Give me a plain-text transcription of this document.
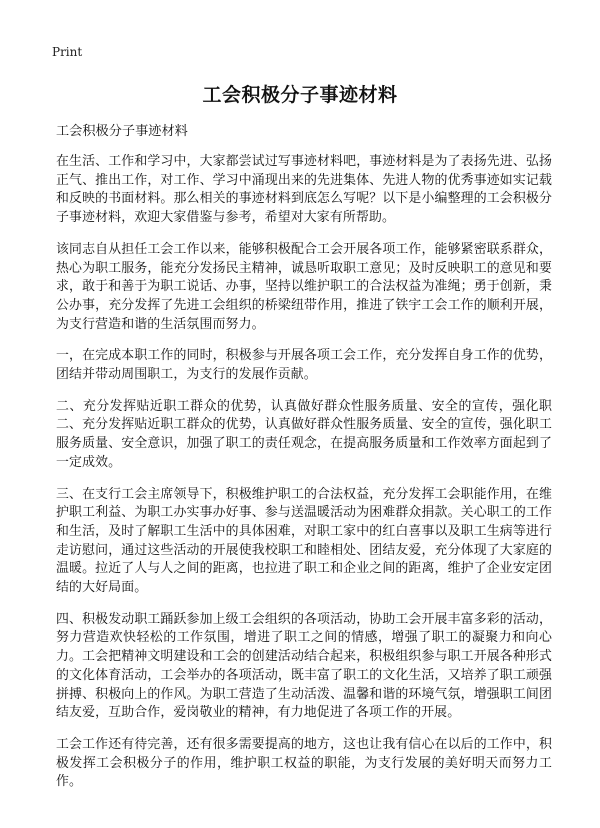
Print
工会积极分子事迹材料

工会积极分子事迹材料

在生活、工作和学习中，大家都尝试过写事迹材料吧，事迹材料是为了表扬先进、弘扬正气、推出工作，对工作、学习中涌现出来的先进集体、先进人物的优秀事迹如实记载和反映的书面材料。那么相关的事迹材料到底怎么写呢？以下是小编整理的工会积极分子事迹材料，欢迎大家借鉴与参考，希望对大家有所帮助。

该同志自从担任工会工作以来，能够积极配合工会开展各项工作，能够紧密联系群众，热心为职工服务，能充分发扬民主精神，诚恳听取职工意见；及时反映职工的意见和要求，敢于和善于为职工说话、办事，坚持以维护职工的合法权益为准绳；勇于创新，秉公办事，充分发挥了先进工会组织的桥梁纽带作用，推进了铁宇工会工作的顺利开展，为支行营造和谐的生活氛围而努力。

一，在完成本职工作的同时，积极参与开展各项工会工作，充分发挥自身工作的优势，团结并带动周围职工，为支行的发展作贡献。

二、充分发挥贴近职工群众的优势，认真做好群众性服务质量、安全的宣传，强化职二、充分发挥贴近职工群众的优势，认真做好群众性服务质量、安全的宣传，强化职工服务质量、安全意识，加强了职工的责任观念，在提高服务质量和工作效率方面起到了一定成效。

三、在支行工会主席领导下，积极维护职工的合法权益，充分发挥工会职能作用，在维护职工利益、为职工办实事办好事、参与送温暖活动为困难群众捐款。关心职工的工作和生活，及时了解职工生活中的具体困难，对职工家中的红白喜事以及职工生病等进行走访慰问，通过这些活动的开展使我校职工和睦相处、团结友爱，充分体现了大家庭的温暖。拉近了人与人之间的距离，也拉进了职工和企业之间的距离，维护了企业安定团结的大好局面。

四、积极发动职工踊跃参加上级工会组织的各项活动，协助工会开展丰富多彩的活动，努力营造欢快轻松的工作氛围，增进了职工之间的情感，增强了职工的凝聚力和向心力。工会把精神文明建设和工会的创建活动结合起来，积极组织参与职工开展各种形式的文化体育活动，工会举办的各项活动，既丰富了职工的文化生活，又培养了职工顽强拼搏、积极向上的作风。为职工营造了生动活泼、温馨和谐的环境气氛，增强职工间团结友爱，互助合作，爱岗敬业的精神，有力地促进了各项工作的开展。

工会工作还有待完善，还有很多需要提高的地方，这也让我有信心在以后的工作中，积极发挥工会积极分子的作用，维护职工权益的职能，为支行发展的美好明天而努力工作。
